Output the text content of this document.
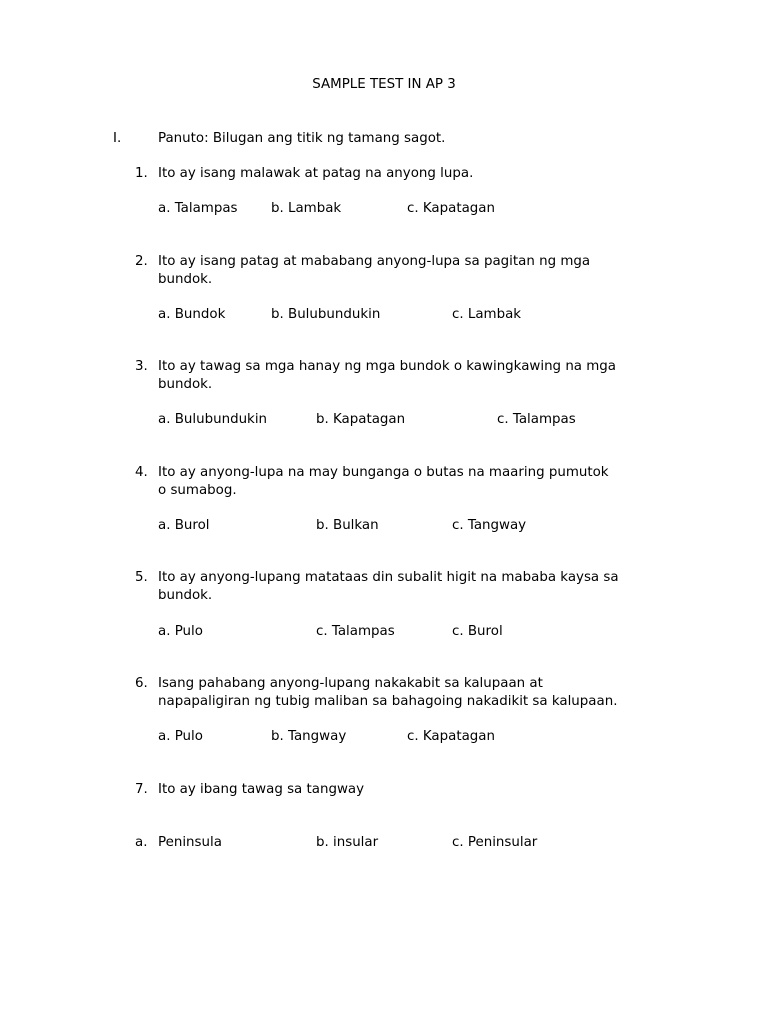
SAMPLE TEST IN AP 3
I.	Panuto: Bilugan ang titik ng tamang sagot.
1. Ito ay isang malawak at patag na anyong lupa.
a. Talampas b. Lambak	c. Kapatagan
2. Ito ay isang patag at mababang anyong-lupa sa pagitan ng mga
bundok.
a. Bundok	b. Bulubundukin	c. Lambak
3. Ito ay tawag sa mga hanay ng mga bundok o kawingkawing na mga
bundok.
a. Bulubundukin	b. Kapatagan	c. Talampas
4. Ito ay anyong-lupa na may bunganga o butas na maaring pumutok
o sumabog.
a. Burol	b. Bulkan	c. Tangway
5. Ito ay anyong-lupang matataas din subalit higit na mababa kaysa sa
bundok.
a. Pulo	c. Talampas	c. Burol
6. Isang pahabang anyong-lupang nakakabit sa kalupaan at
napapaligiran ng tubig maliban sa bahagoing nakadikit sa kalupaan.
a. Pulo	b. Tangway	c. Kapatagan
7. Ito ay ibang tawag sa tangway
a. Peninsula	b. insular	c. Peninsular
